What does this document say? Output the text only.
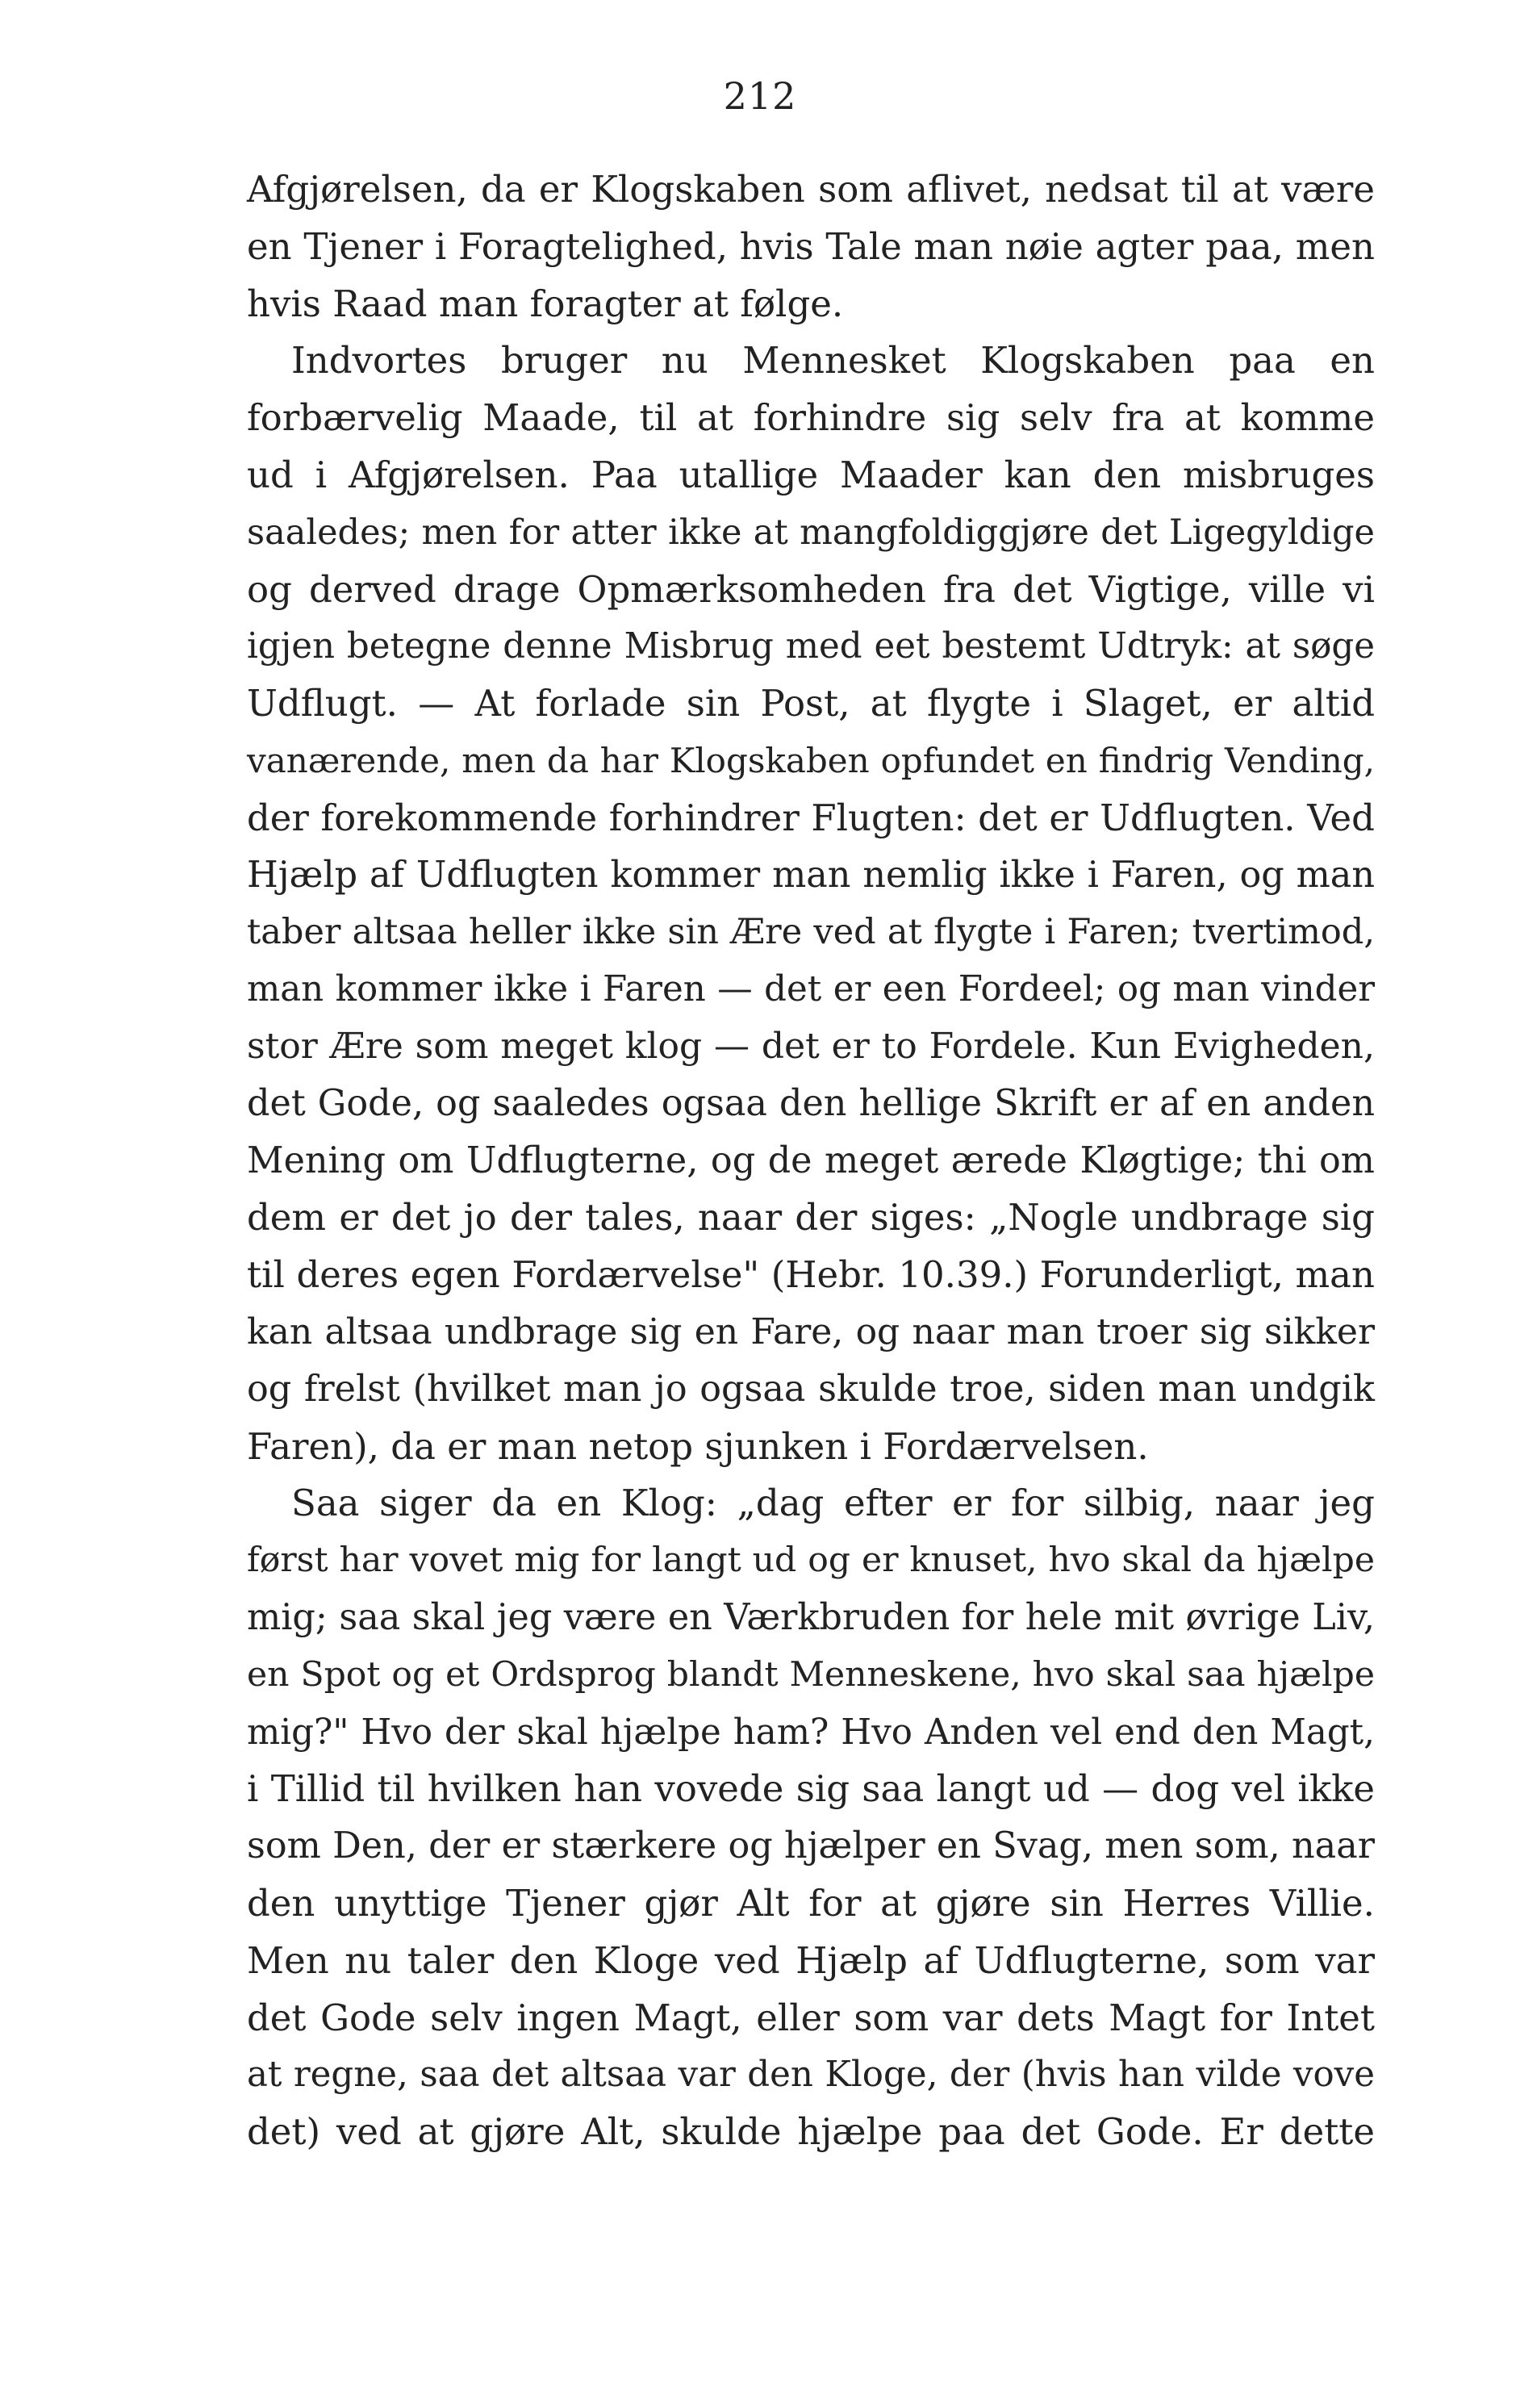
212
Afgjørelsen, da er Klogskaben som aflivet, nedsat til at være
en Tjener i Foragtelighed, hvis Tale man nøie agter paa, men
hvis Raad man foragter at følge.
Indvortes bruger nu Mennesket Klogskaben paa en
forbærvelig Maade, til at forhindre sig selv fra at komme
ud i Afgjørelsen. Paa utallige Maader kan den misbruges
saaledes; men for atter ikke at mangfoldiggjøre det Ligegyldige
og derved drage Opmærksomheden fra det Vigtige, ville vi
igjen betegne denne Misbrug med eet bestemt Udtryk: at søge
Udflugt. — At forlade sin Post, at flygte i Slaget, er altid
vanærende, men da har Klogskaben opfundet en findrig Vending,
der forekommende forhindrer Flugten: det er Udflugten. Ved
Hjælp af Udflugten kommer man nemlig ikke i Faren, og man
taber altsaa heller ikke sin Ære ved at flygte i Faren; tvertimod,
man kommer ikke i Faren — det er een Fordeel; og man vinder
stor Ære som meget klog — det er to Fordele. Kun Evigheden,
det Gode, og saaledes ogsaa den hellige Skrift er af en anden
Mening om Udflugterne, og de meget ærede Kløgtige; thi om
dem er det jo der tales, naar der siges: „Nogle undbrage sig
til deres egen Fordærvelse" (Hebr. 10.39.) Forunderligt, man
kan altsaa undbrage sig en Fare, og naar man troer sig sikker
og frelst (hvilket man jo ogsaa skulde troe, siden man undgik
Faren), da er man netop sjunken i Fordærvelsen.
Saa siger da en Klog: „dag efter er for silbig, naar jeg
først har vovet mig for langt ud og er knuset, hvo skal da hjælpe
mig; saa skal jeg være en Værkbruden for hele mit øvrige Liv,
en Spot og et Ordsprog blandt Menneskene, hvo skal saa hjælpe
mig?" Hvo der skal hjælpe ham? Hvo Anden vel end den Magt,
i Tillid til hvilken han vovede sig saa langt ud — dog vel ikke
som Den, der er stærkere og hjælper en Svag, men som, naar
den unyttige Tjener gjør Alt for at gjøre sin Herres Villie.
Men nu taler den Kloge ved Hjælp af Udflugterne, som var
det Gode selv ingen Magt, eller som var dets Magt for Intet
at regne, saa det altsaa var den Kloge, der (hvis han vilde vove
det) ved at gjøre Alt, skulde hjælpe paa det Gode. Er dette
